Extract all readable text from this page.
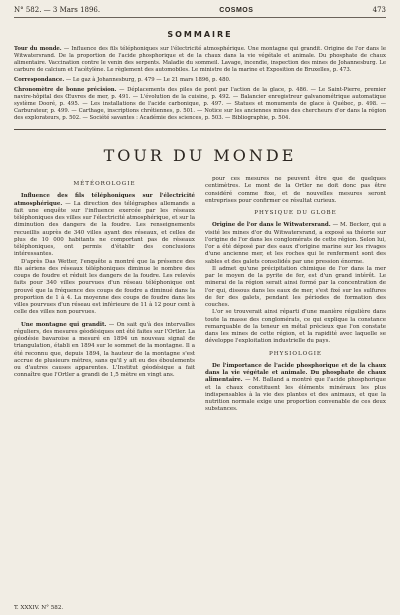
N° 582. — 3 Mars 1896.	COSMOS	473
SOMMAIRE

Tour du monde. — Influence des fils téléphoniques sur l'électricité atmosphérique. Une montagne qui grandit. Origine de l'or dans le Witwatersrand. De la proportion de l'acide phosphorique et de la chaux dans la vie végétale et animale. Du phosphate de chaux alimentaire. Vaccination contre le venin des serpents. Maladie du sommeil. Lavage, incendie, inspection des mines de Johannesburg. Le carbure de calcium et l'acétylène. Le règlement des automobiles. Le ministre de la marine et Exposition de Bruxelles, p. 473.

Correspondance. — Le gaz à Johannesburg, p. 479 — Le 21 mars 1896, p. 480.

Chronomètre de bonne précision. — Déplacements des piles de pont par l'action de la glace, p. 486. — Le Saint-Pierre, premier navire-hôpital des Œuvres de mer, p. 491. — L'évolution de la cuisine, p. 492. — Balancier enregistreur galvanométrique automatique système Dooré, p. 495. — Les installations de l'acide carbonique, p. 497. — Statues et monuments de glace à Québec, p. 498. — Carburateur, p. 499. — Carthage, inscriptions chrétiennes, p. 501. — Notice sur les anciennes mines des chercheurs d'or dans la région des explorateurs, p. 502. — Société savantes : Académie des sciences, p. 503. — Bibliographie, p. 504.

TOUR DU MONDE
MÉTÉOROLOGIE

Influence des fils téléphoniques sur l'électricité atmosphérique. — La direction des télégraphes allemands a fait une enquête sur l'influence exercée par les réseaux téléphoniques des villes sur l'électricité atmosphérique, et sur la diminution des dangers de la foudre. Les renseignements recueillis auprès de 340 villes ayant des réseaux, et celles de plus de 10 000 habitants ne comportant pas de réseaux téléphoniques, ont permis d'établir des conclusions intéressantes.

D'après Das Wetter, l'enquête a montré que la présence des fils aériens des réseaux téléphoniques diminue le nombre des coups de foudre et réduit les dangers de la foudre. Les relevés faits pour 340 villes pourvues d'un réseau téléphonique ont prouvé que la fréquence des coups de foudre a diminué dans la proportion de 1 à 4. La moyenne des coups de foudre dans les villes pourvues d'un réseau est inférieure de 11 à 12 pour cent à celle des villes non pourvues.

Une montagne qui grandit. — On sait qu'à des intervalles réguliers, des mesures géodésiques ont été faites sur l'Ortler. La géodésie bavaroise a mesuré en 1894 un nouveau signal de triangulation, établi en 1894 sur le sommet de la montagne. Il a été reconnu que, depuis 1894, la hauteur de la montagne s'est accrue de plusieurs mètres, sans qu'il y ait eu des éboulements ou d'autres causes apparentes. L'Institut géodésique a fait connaître que l'Ortler a grandi de 1,5 mètre en vingt ans.

pour ces mesures ne peuvent être que de quelques centimètres. Le mont de la Ortler ne doit donc pas être considéré comme fixe, et de nouvelles mesures seront entreprises pour confirmer ce résultat curieux.

PHYSIQUE DU GLOBE

Origine de l'or dans le Witwatersrand. — M. Becker, qui a visité les mines d'or du Witwatersrand, a exposé sa théorie sur l'origine de l'or dans les conglomérats de cette région. Selon lui, l'or a été déposé par des eaux d'origine marine sur les rivages d'une ancienne mer, et les roches qui le renferment sont des sables et des galets consolidés par une pression énorme.

Il admet qu'une précipitation chimique de l'or dans la mer par le moyen de la pyrite de fer, est d'un grand intérêt. Le minerai de la région serait ainsi formé par la concentration de l'or qui, dissous dans les eaux de mer, s'est fixé sur les sulfures de fer des galets, pendant les périodes de formation des couches.

L'or se trouverait ainsi réparti d'une manière régulière dans toute la masse des conglomérats, ce qui explique la constance remarquable de la teneur en métal précieux que l'on constate dans les mines de cette région, et la rapidité avec laquelle se développe l'exploitation industrielle du pays.

PHYSIOLOGIE

De l'importance de l'acide phosphorique et de la chaux dans la vie végétale et animale. Du phosphate de chaux alimentaire. — M. Balland a montré que l'acide phosphorique et la chaux constituent les éléments minéraux les plus indispensables à la vie des plantes et des animaux, et que la nutrition normale exige une proportion convenable de ces deux substances.

T. XXXIV. N° 582.
